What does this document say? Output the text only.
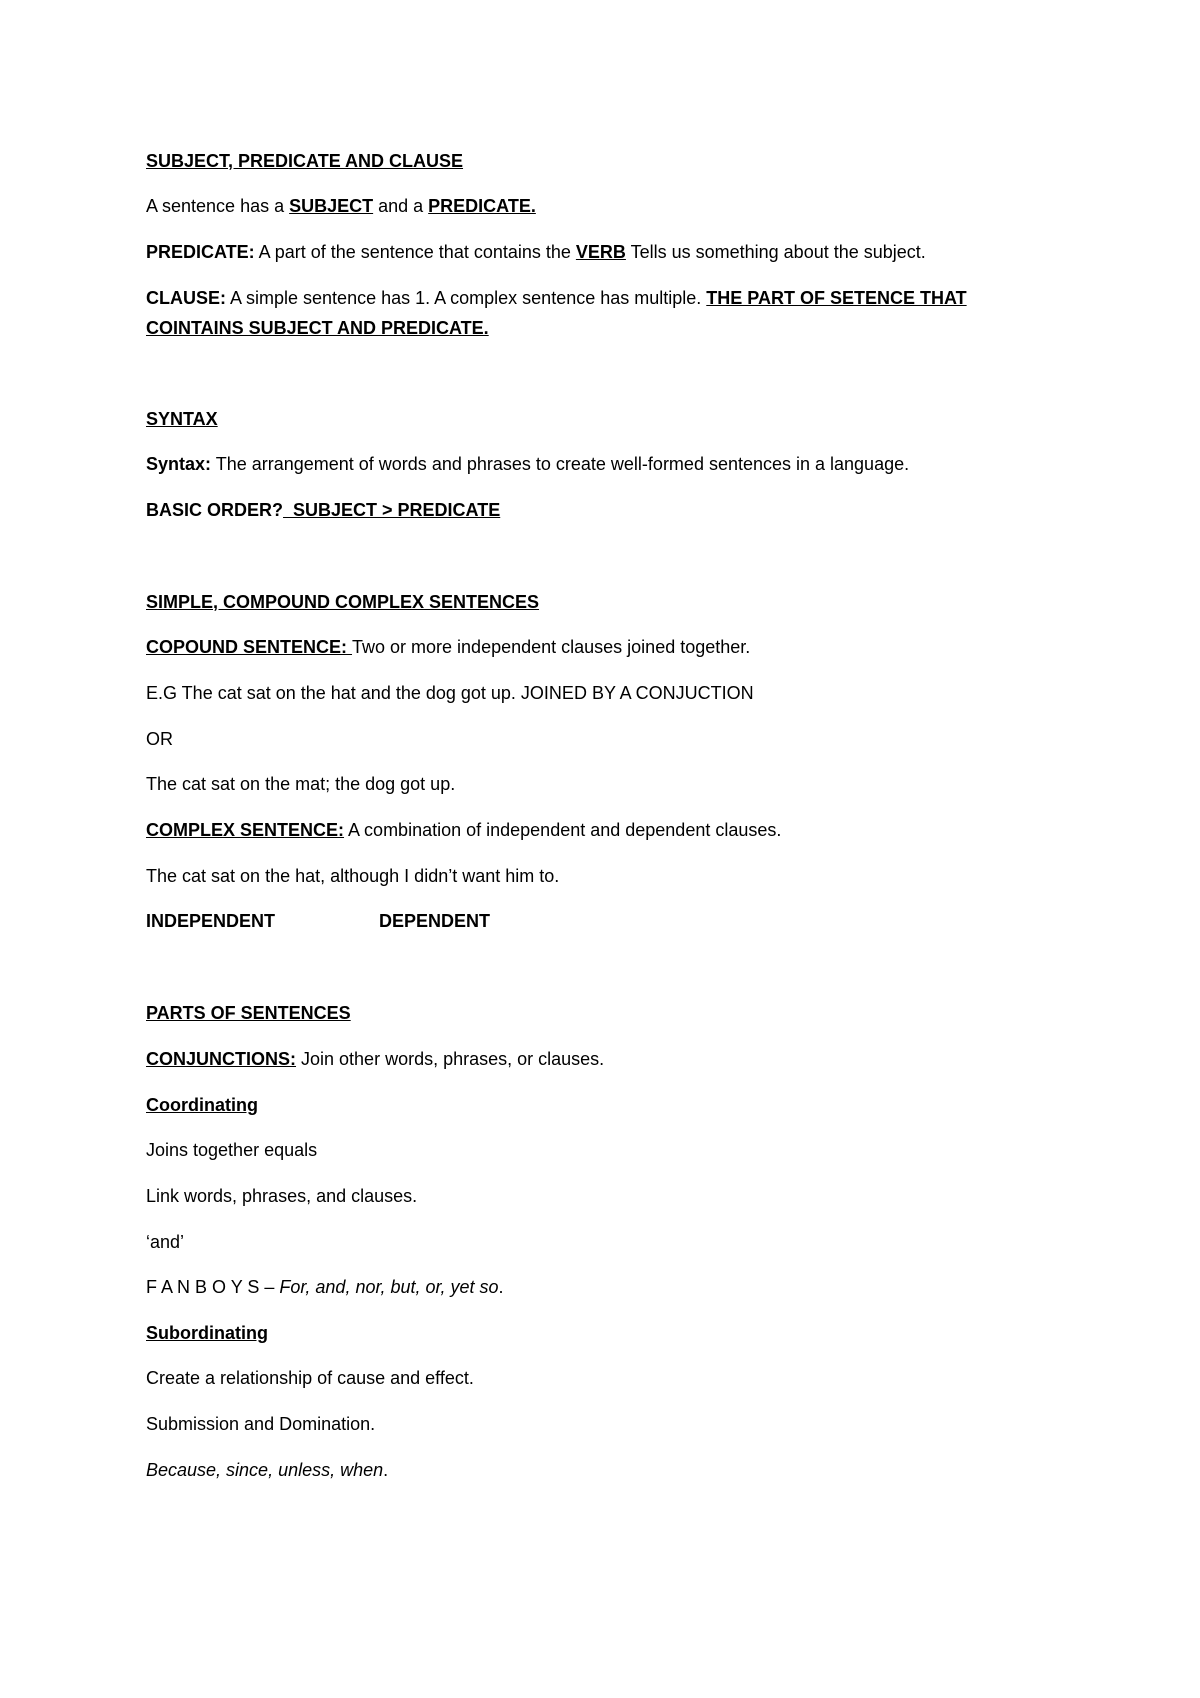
SUBJECT, PREDICATE AND CLAUSE

A sentence has a SUBJECT and a PREDICATE.

PREDICATE: A part of the sentence that contains the VERB Tells us something about the subject.

CLAUSE: A simple sentence has 1. A complex sentence has multiple. THE PART OF SETENCE THAT
COINTAINS SUBJECT AND PREDICATE.

SYNTAX

Syntax: The arrangement of words and phrases to create well-formed sentences in a language.

BASIC ORDER?  SUBJECT > PREDICATE

SIMPLE, COMPOUND COMPLEX SENTENCES

COPOUND SENTENCE: Two or more independent clauses joined together.

E.G The cat sat on the hat and the dog got up. JOINED BY A CONJUCTION

OR

The cat sat on the mat; the dog got up.

COMPLEX SENTENCE: A combination of independent and dependent clauses.

The cat sat on the hat, although I didn’t want him to.

INDEPENDENT	DEPENDENT

PARTS OF SENTENCES

CONJUNCTIONS: Join other words, phrases, or clauses.

Coordinating

Joins together equals

Link words, phrases, and clauses.

‘and’

F A N B O Y S – For, and, nor, but, or, yet so.

Subordinating

Create a relationship of cause and effect.

Submission and Domination.

Because, since, unless, when.
